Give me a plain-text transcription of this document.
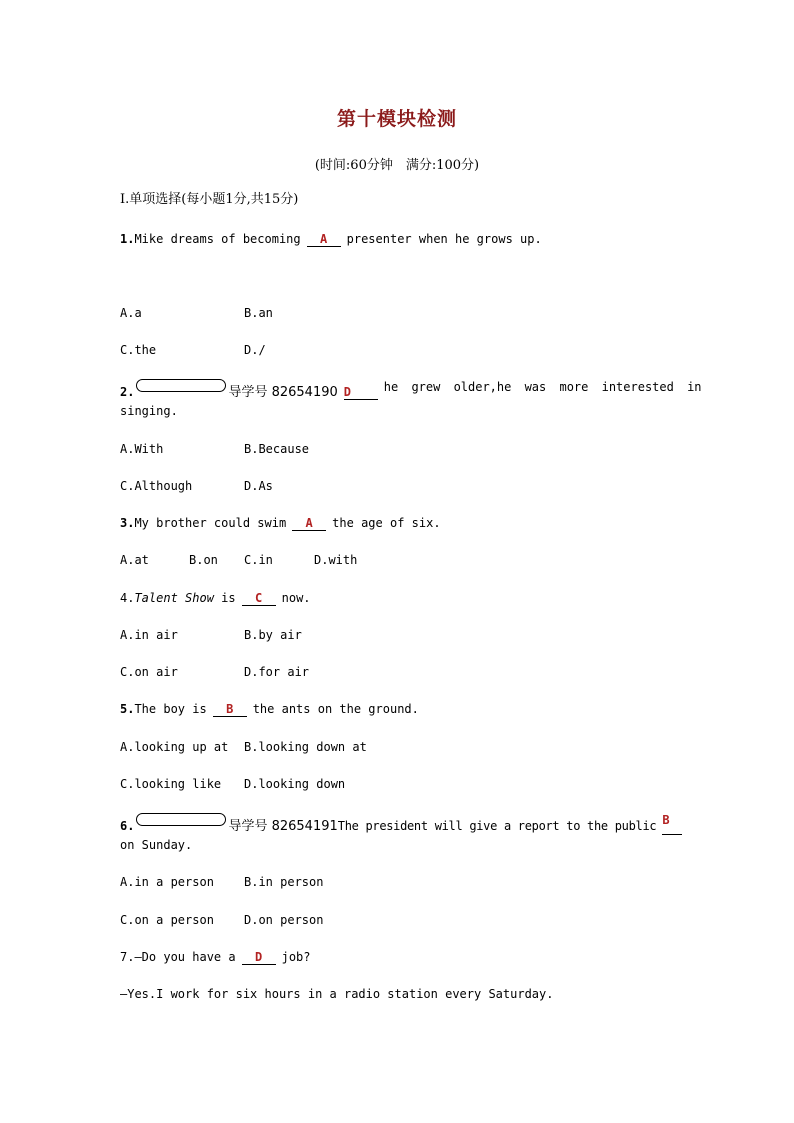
第十模块检测
(时间:60分钟　满分:100分)
Ⅰ.单项选择(每小题1分,共15分)
1.Mike dreams of becoming A presenter when he grows up.
A.a	B.an
C.the	D./
2.	导学号 82654190 D	he grew older,he was more interested in
singing.
A.With	B.Because
C.Although	D.As
3.My brother could swim A the age of six.
A.at	B.on C.in	D.with
4.Talent Show is C now.
A.in air	B.by air
C.on air	D.for air
5.The boy is B the ants on the ground.
A.looking up at B.looking down at
C.looking like D.looking down
6.	导学号 82654191The president will give a report to the public B
on Sunday.
A.in a person	B.in person
C.on a person	D.on person
7.—Do you have a D job?
—Yes.I work for six hours in a radio station every Saturday.
